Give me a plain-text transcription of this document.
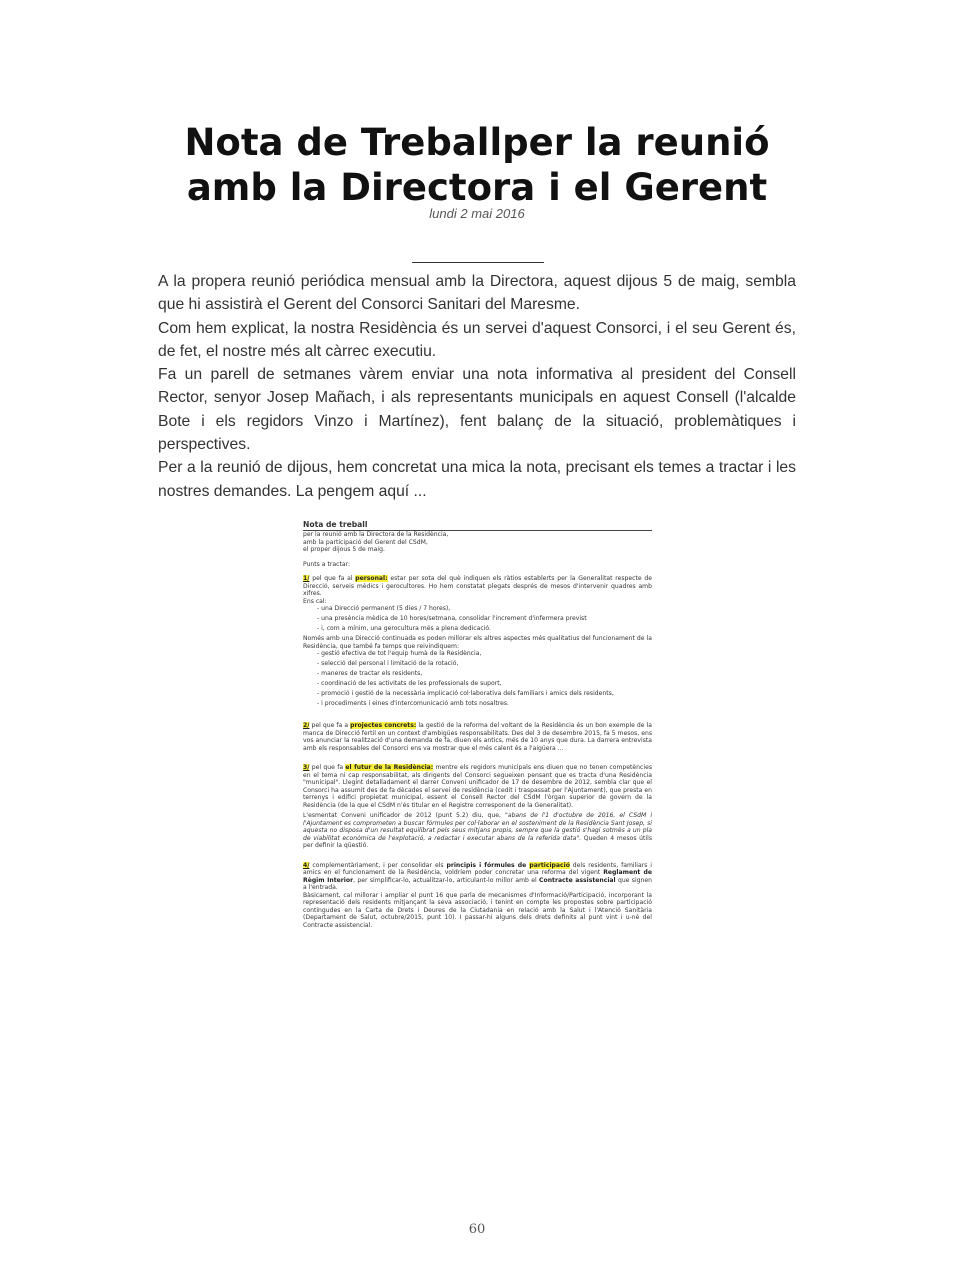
Nota de Treballper la reunió
amb la Directora i el Gerent
lundi 2 mai 2016

A la propera reunió periódica mensual amb la Directora, aquest dijous 5 de maig, sembla que hi assistirà el Gerent del Consorci Sanitari del Maresme.

Com hem explicat, la nostra Residència és un servei d'aquest Consorci, i el seu Gerent és, de fet, el nostre més alt càrrec executiu.

Fa un parell de setmanes vàrem enviar una nota informativa al president del Consell Rector, senyor Josep Mañach, i als representants municipals en aquest Consell (l'alcalde Bote i els regidors Vinzo i Martínez), fent balanç de la situació, problemàtiques i perspectives.

Per a la reunió de dijous, hem concretat una mica la nota, precisant els temes a tractar i les nostres demandes. La pengem aquí ...

Nota de treball
per la reunió amb la Directora de la Residència,
amb la participació del Gerent del CSdM,
el proper dijous 5 de maig.
Punts a tractar:

1/ pel que fa al personal: estar per sota del què indiquen els ràtios establerts per la Generalitat respecte de Direcció, serveis mèdics i gerocultores. Ho hem constatat plegats després de mesos d'intervenir quadres amb xifres.

Ens cal:
- una Direcció permanent (5 dies / 7 hores),
- una presència mèdica de 10 hores/setmana, consolidar l'increment d'infermera previst
- i, com a mínim, una gerocultura més a plena dedicació.

Només amb una Direcció continuada es poden millorar els altres aspectes més qualitatius del funcionament de la Residència, que també fa temps que reivindiquem:

- gestió efectiva de tot l'equip humà de la Residència,
- selecció del personal i limitació de la rotació,
- maneres de tractar els residents,
- coordinació de les activitats de les professionals de suport,
- promoció i gestió de la necessària implicació col·laborativa dels familiars i amics dels residents,
- i procediments i eines d'intercomunicació amb tots nosaltres.

2/ pel que fa a projectes concrets: la gestió de la reforma del voltant de la Residència és un bon exemple de la manca de Direcció fertil en un context d'ambigües responsabilitats. Des del 3 de desembre 2015, fa 5 mesos, ens vos anunciar la realització d'una demanda de fa, diuen els antics, més de 10 anys que dura. La darrera entrevista amb els responsables del Consorci ens va mostrar que el més calent és a l'aigüera ...

3/ pel que fa el futur de la Residència: mentre els regidors municipals ens diuen que no tenen competències en el tema ni cap responsabilitat, als dirigents del Consorci segueixen pensant que es tracta d'una Residència "municipal". Llegint detalladament el darrer Conveni unificador de 17 de desembre de 2012, sembla clar que el Consorci ha assumit des de fa dècades el servei de residència (cedit i traspassat per l'Ajuntament), que presta en terrenys i edifici propietat municipal, essent el Consell Rector del CSdM l'òrgan superior de govern de la Residència (de la que el CSdM n'és titular en el Registre corresponent de la Generalitat).

L'esmentat Conveni unificador de 2012 (punt 5.2) diu, que, "abans de l'1 d'octubre de 2016, el CSdM i l'Ajuntament es comprometen a buscar fórmules per col·laborar en el sosteniment de la Residència Sant Josep, si aquesta no disposa d'un resultat equilibrat pels seus mitjans propis, sempre que la gestió s'hagi sotmès a un pla de viabilitat econòmica de l'explotació, a redactar i executar abans de la referida data". Queden 4 mesos útils per definir la qüestió.

4/ complementàriament, i per consolidar els principis i fórmules de participació dels residents, familiars i amics en el funcionament de la Residència, voldríem poder concretar una reforma del vigent Reglament de Règim Interior, per simplificar-lo, actualitzar-lo, articulant-lo millor amb el Contracte assistencial que signen a l'entrada.

Bàsicament, cal millorar i ampliar el punt 16 que parla de mecanismes d'Informació/Participació, incorporant la representació dels residents mitjançant la seva associació, i tenint en compte les propostes sobre participació contingudes en la Carta de Drets i Deures de la Ciutadania en relació amb la Salut i l'Atenció Sanitària (Departament de Salut, octubre/2015, punt 10). I passar-hi alguns dels drets definits al punt vint i u-nè del Contracte assistencial.

60
